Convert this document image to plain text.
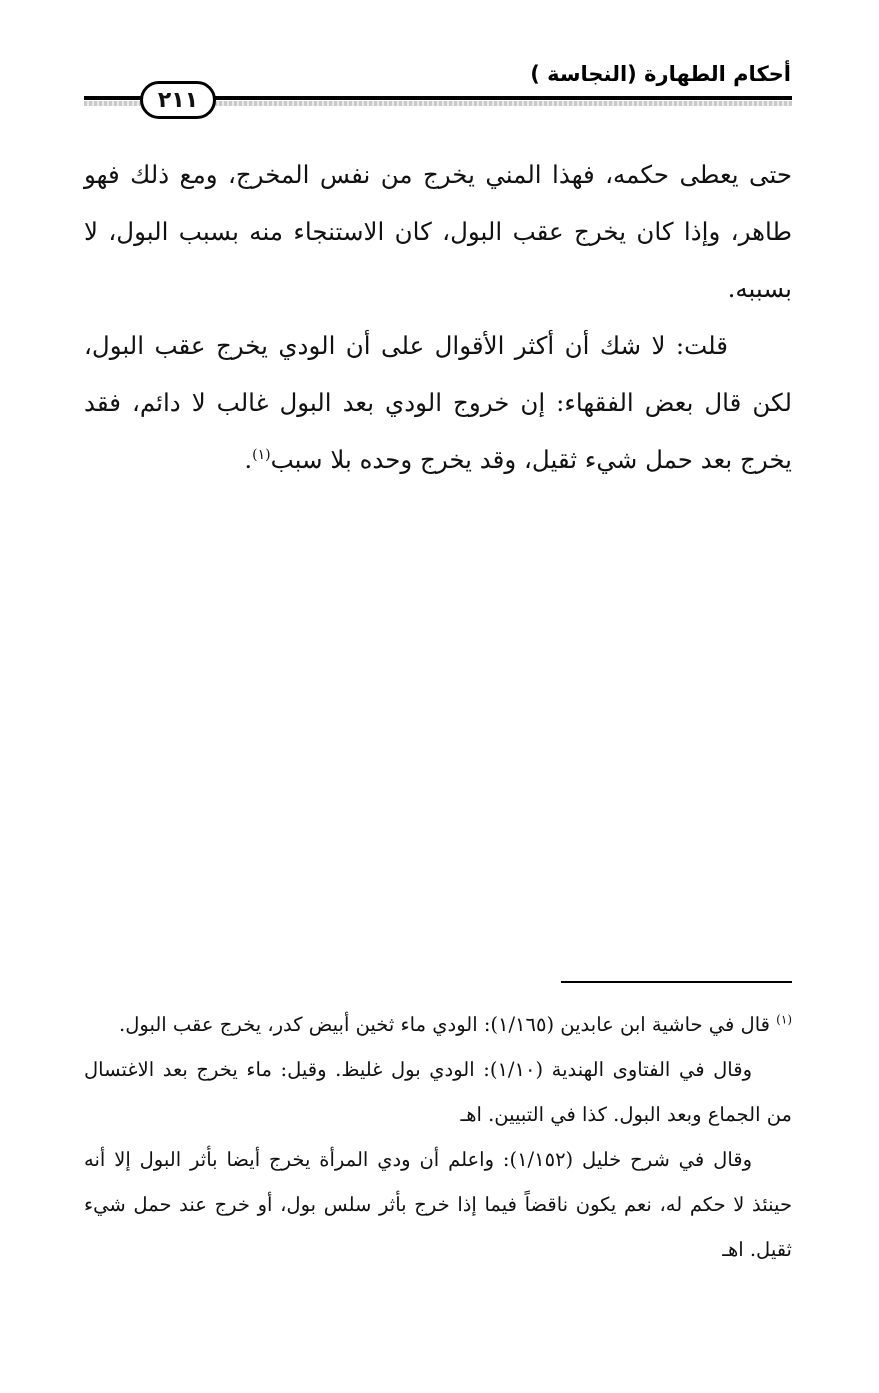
أحكام الطهارة (النجاسة )
٢١١

حتى يعطى حكمه، فهذا المني يخرج من نفس المخرج، ومع ذلك فهو طاهر، وإذا كان يخرج عقب البول، كان الاستنجاء منه بسبب البول، لا بسببه.

قلت: لا شك أن أكثر الأقوال على أن الودي يخرج عقب البول، لكن قال بعض الفقهاء: إن خروج الودي بعد البول غالب لا دائم، فقد يخرج بعد حمل شيء ثقيل، وقد يخرج وحده بلا سبب$^{(١)}$.

$^{(١)}$ قال في حاشية ابن عابدين (١/١٦٥): الودي ماء ثخين أبيض كدر، يخرج عقب البول.

وقال في الفتاوى الهندية (١/١٠): الودي بول غليظ. وقيل: ماء يخرج بعد الاغتسال من الجماع وبعد البول. كذا في التبيين. اهـ

وقال في شرح خليل (١/١٥٢): واعلم أن ودي المرأة يخرج أيضا بأثر البول إلا أنه حينئذ لا حكم له، نعم يكون ناقضاً فيما إذا خرج بأثر سلس بول، أو خرج عند حمل شيء ثقيل. اهـ
